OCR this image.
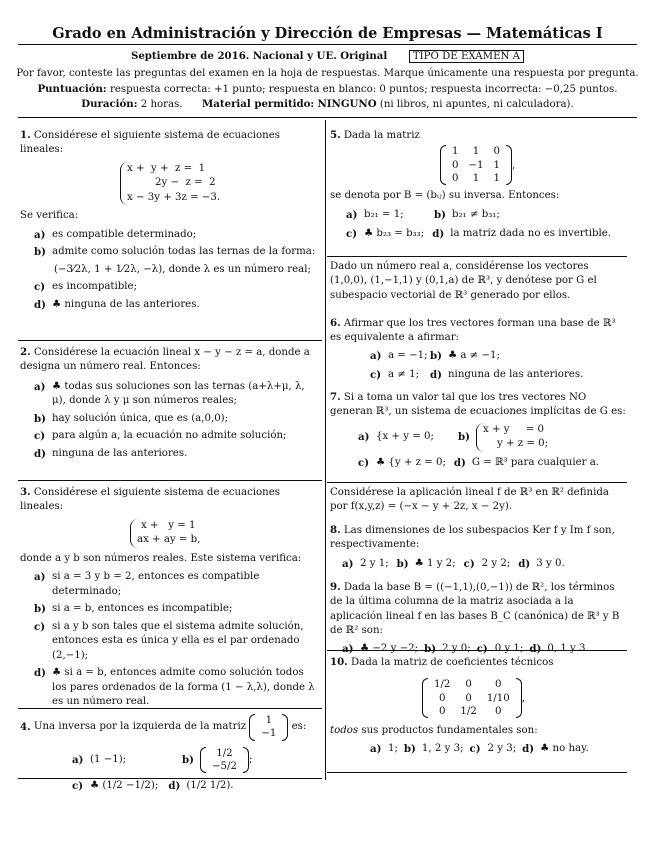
Grado en Administración y Dirección de Empresas — Matemáticas I
Septiembre de 2016. Nacional y UE. Original	TIPO DE EXAMEN A
Por favor, conteste las preguntas del examen en la hoja de respuestas. Marque únicamente una respuesta por pregunta.
Puntuación: respuesta correcta: +1 punto; respuesta en blanco: 0 puntos; respuesta incorrecta: −0,25 puntos.
Duración: 2 horas. Material permitido: NINGUNO (ni libros, ni apuntes, ni calculadora).
1. Considérese el siguiente sistema de ecuaciones lineales:
x +  y +  z =  1
2y −  z =  2
x − 3y + 3z = −3.
Se verifica:
a) es compatible determinado;
b) admite como solución todas las ternas de la forma:
(−3⁄2λ, 1 + 1⁄2λ, −λ), donde λ es un número real;
c) es incompatible;
d) ♣ ninguna de las anteriores.
2. Considérese la ecuación lineal x − y − z = a, donde a designa un número real. Entonces:
a) ♣ todas sus soluciones son las ternas (a+λ+μ, λ, μ), donde λ y μ son números reales;
b) hay solución única, que es (a,0,0);
c) para algún a, la ecuación no admite solución;
d) ninguna de las anteriores.
3. Considérese el siguiente sistema de ecuaciones lineales:
x +   y = 1
ax + ay = b,
donde a y b son números reales. Este sistema verifica:
a) si a = 3 y b = 2, entonces es compatible determinado;
b) si a = b, entonces es incompatible;
c) si a y b son tales que el sistema admite solución, entonces esta es única y ella es el par ordenado (2,−1);
d) ♣ si a = b, entonces admite como solución todos los pares ordenados de la forma (1 − λ,λ), donde λ es un número real.
4.
Una inversa por la izquierda de la matriz

1
−1

es:
a) (1 −1);	b)
1/2
−5/2
;
c) ♣ (1/2 −1/2); d) (1/2 1/2).
5. Dada la matriz
1	1	0
0	−1	1
0	1	1
,
se denota por B = (bᵢⱼ) su inversa. Entonces:
a) b₂₁ = 1;	b) b₂₁ ≠ b₃₁;
c) ♣ b₂₃ = b₃₃; d) la matriz dada no es invertible.
Dado un número real a, considérense los vectores (1,0,0), (1,−1,1) y (0,1,a) de ℝ³, y denótese por G el subespacio vectorial de ℝ³ generado por ellos.
6. Afirmar que los tres vectores forman una base de ℝ³ es equivalente a afirmar:
a) a = −1; b) ♣ a ≠ −1;
c) a ≠ 1; d) ninguna de las anteriores.
7. Si a toma un valor tal que los tres vectores NO generan ℝ³, un sistema de ecuaciones implícitas de G es:
a) {x + y = 0; b)
x + y     = 0
y + z = 0;
c) ♣ {y + z = 0; d) G = ℝ³ para cualquier a.
Considérese la aplicación lineal f de ℝ³ en ℝ² definida por f(x,y,z) = (−x − y + 2z, x − 2y).
8. Las dimensiones de los subespacios Ker f y Im f son, respectivamente:
a) 2 y 1; b) ♣ 1 y 2; c) 2 y 2; d) 3 y 0.
9. Dada la base B = ((−1,1),(0,−1)) de ℝ², los términos de la última columna de la matriz asociada a la aplicación lineal f en las bases B_C (canónica) de ℝ³ y B de ℝ² son:
a) ♣ −2 y −2; b) 2 y 0; c) 0 y 1; d) 0, 1 y 3.
10. Dada la matriz de coeficientes técnicos
1/2	0	0
0	0	1/10
0	1/2	0
,
todos sus productos fundamentales son:
a) 1; b) 1, 2 y 3; c) 2 y 3; d) ♣ no hay.
